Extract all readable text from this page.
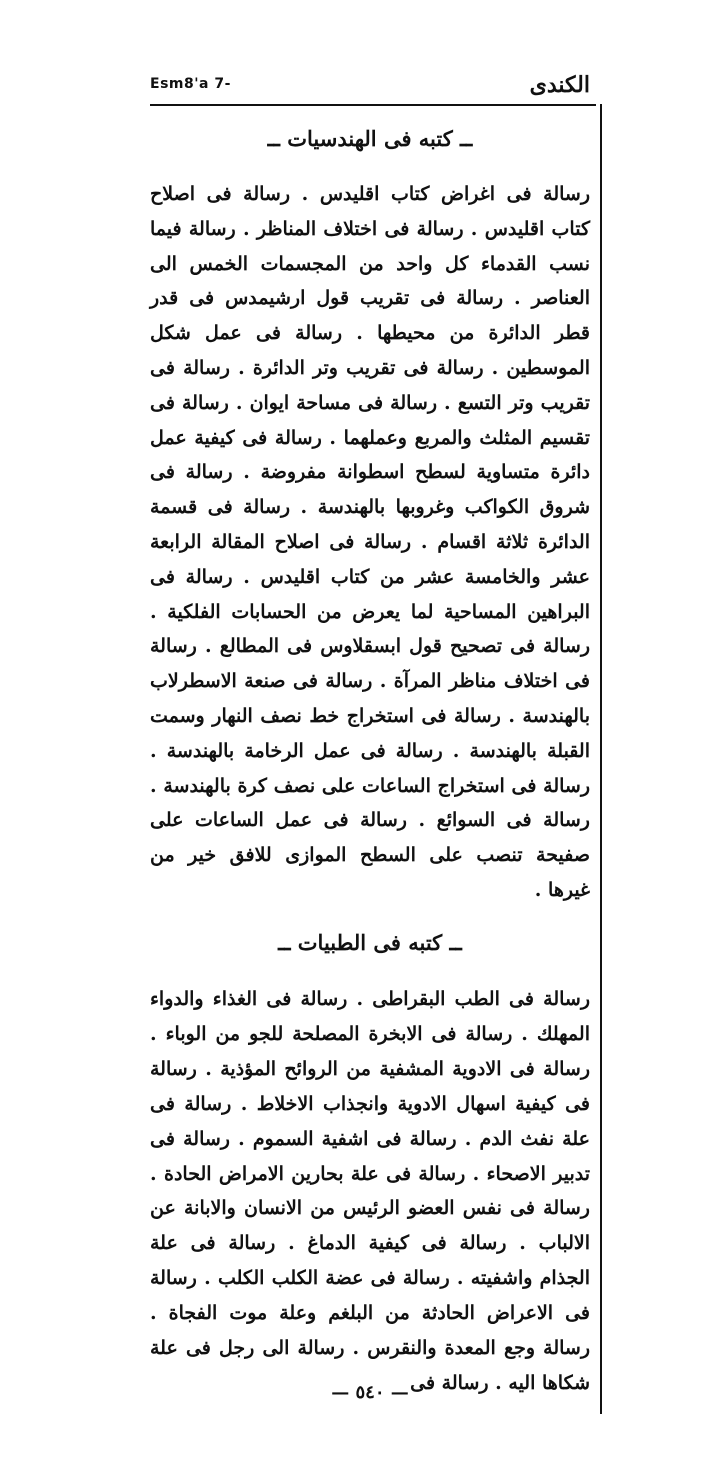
الكندى
Esm8'a 7-
ــ كتبه فى الهندسيات ــ
رسالة فى اغراض كتاب اقليدس . رسالة فى اصلاح كتاب اقليدس . رسالة فى اختلاف المناظر . رسالة فيما نسب القدماء كل واحد من المجسمات الخمس الى العناصر . رسالة فى تقريب قول ارشيمدس فى قدر قطر الدائرة من محيطها . رسالة فى عمل شكل الموسطين . رسالة فى تقريب وتر الدائرة . رسالة فى تقريب وتر التسع . رسالة فى مساحة ايوان . رسالة فى تقسيم المثلث والمربع وعملهما . رسالة فى كيفية عمل دائرة متساوية لسطح اسطوانة مفروضة . رسالة فى شروق الكواكب وغروبها بالهندسة . رسالة فى قسمة الدائرة ثلاثة اقسام . رسالة فى اصلاح المقالة الرابعة عشر والخامسة عشر من كتاب اقليدس . رسالة فى البراهين المساحية لما يعرض من الحسابات الفلكية . رسالة فى تصحيح قول ابسقلاوس فى المطالع . رسالة فى اختلاف مناظر المرآة . رسالة فى صنعة الاسطرلاب بالهندسة . رسالة فى استخراج خط نصف النهار وسمت القبلة بالهندسة . رسالة فى عمل الرخامة بالهندسة . رسالة فى استخراج الساعات على نصف كرة بالهندسة . رسالة فى السوائع . رسالة فى عمل الساعات على صفيحة تنصب على السطح الموازى للافق خير من غيرها .
ــ كتبه فى الطبيات ــ
رسالة فى الطب البقراطى . رسالة فى الغذاء والدواء المهلك . رسالة فى الابخرة المصلحة للجو من الوباء . رسالة فى الادوية المشفية من الروائح المؤذية . رسالة فى كيفية اسهال الادوية وانجذاب الاخلاط . رسالة فى علة نفث الدم . رسالة فى اشفية السموم . رسالة فى تدبير الاصحاء . رسالة فى علة بحارين الامراض الحادة . رسالة فى نفس العضو الرئيس من الانسان والابانة عن الالباب . رسالة فى كيفية الدماغ . رسالة فى علة الجذام واشفيته . رسالة فى عضة الكلب الكلب . رسالة فى الاعراض الحادثة من البلغم وعلة موت الفجاة . رسالة وجع المعدة والنقرس . رسالة الى رجل فى علة شكاها اليه . رسالة فى
— ٥٤٠ —
